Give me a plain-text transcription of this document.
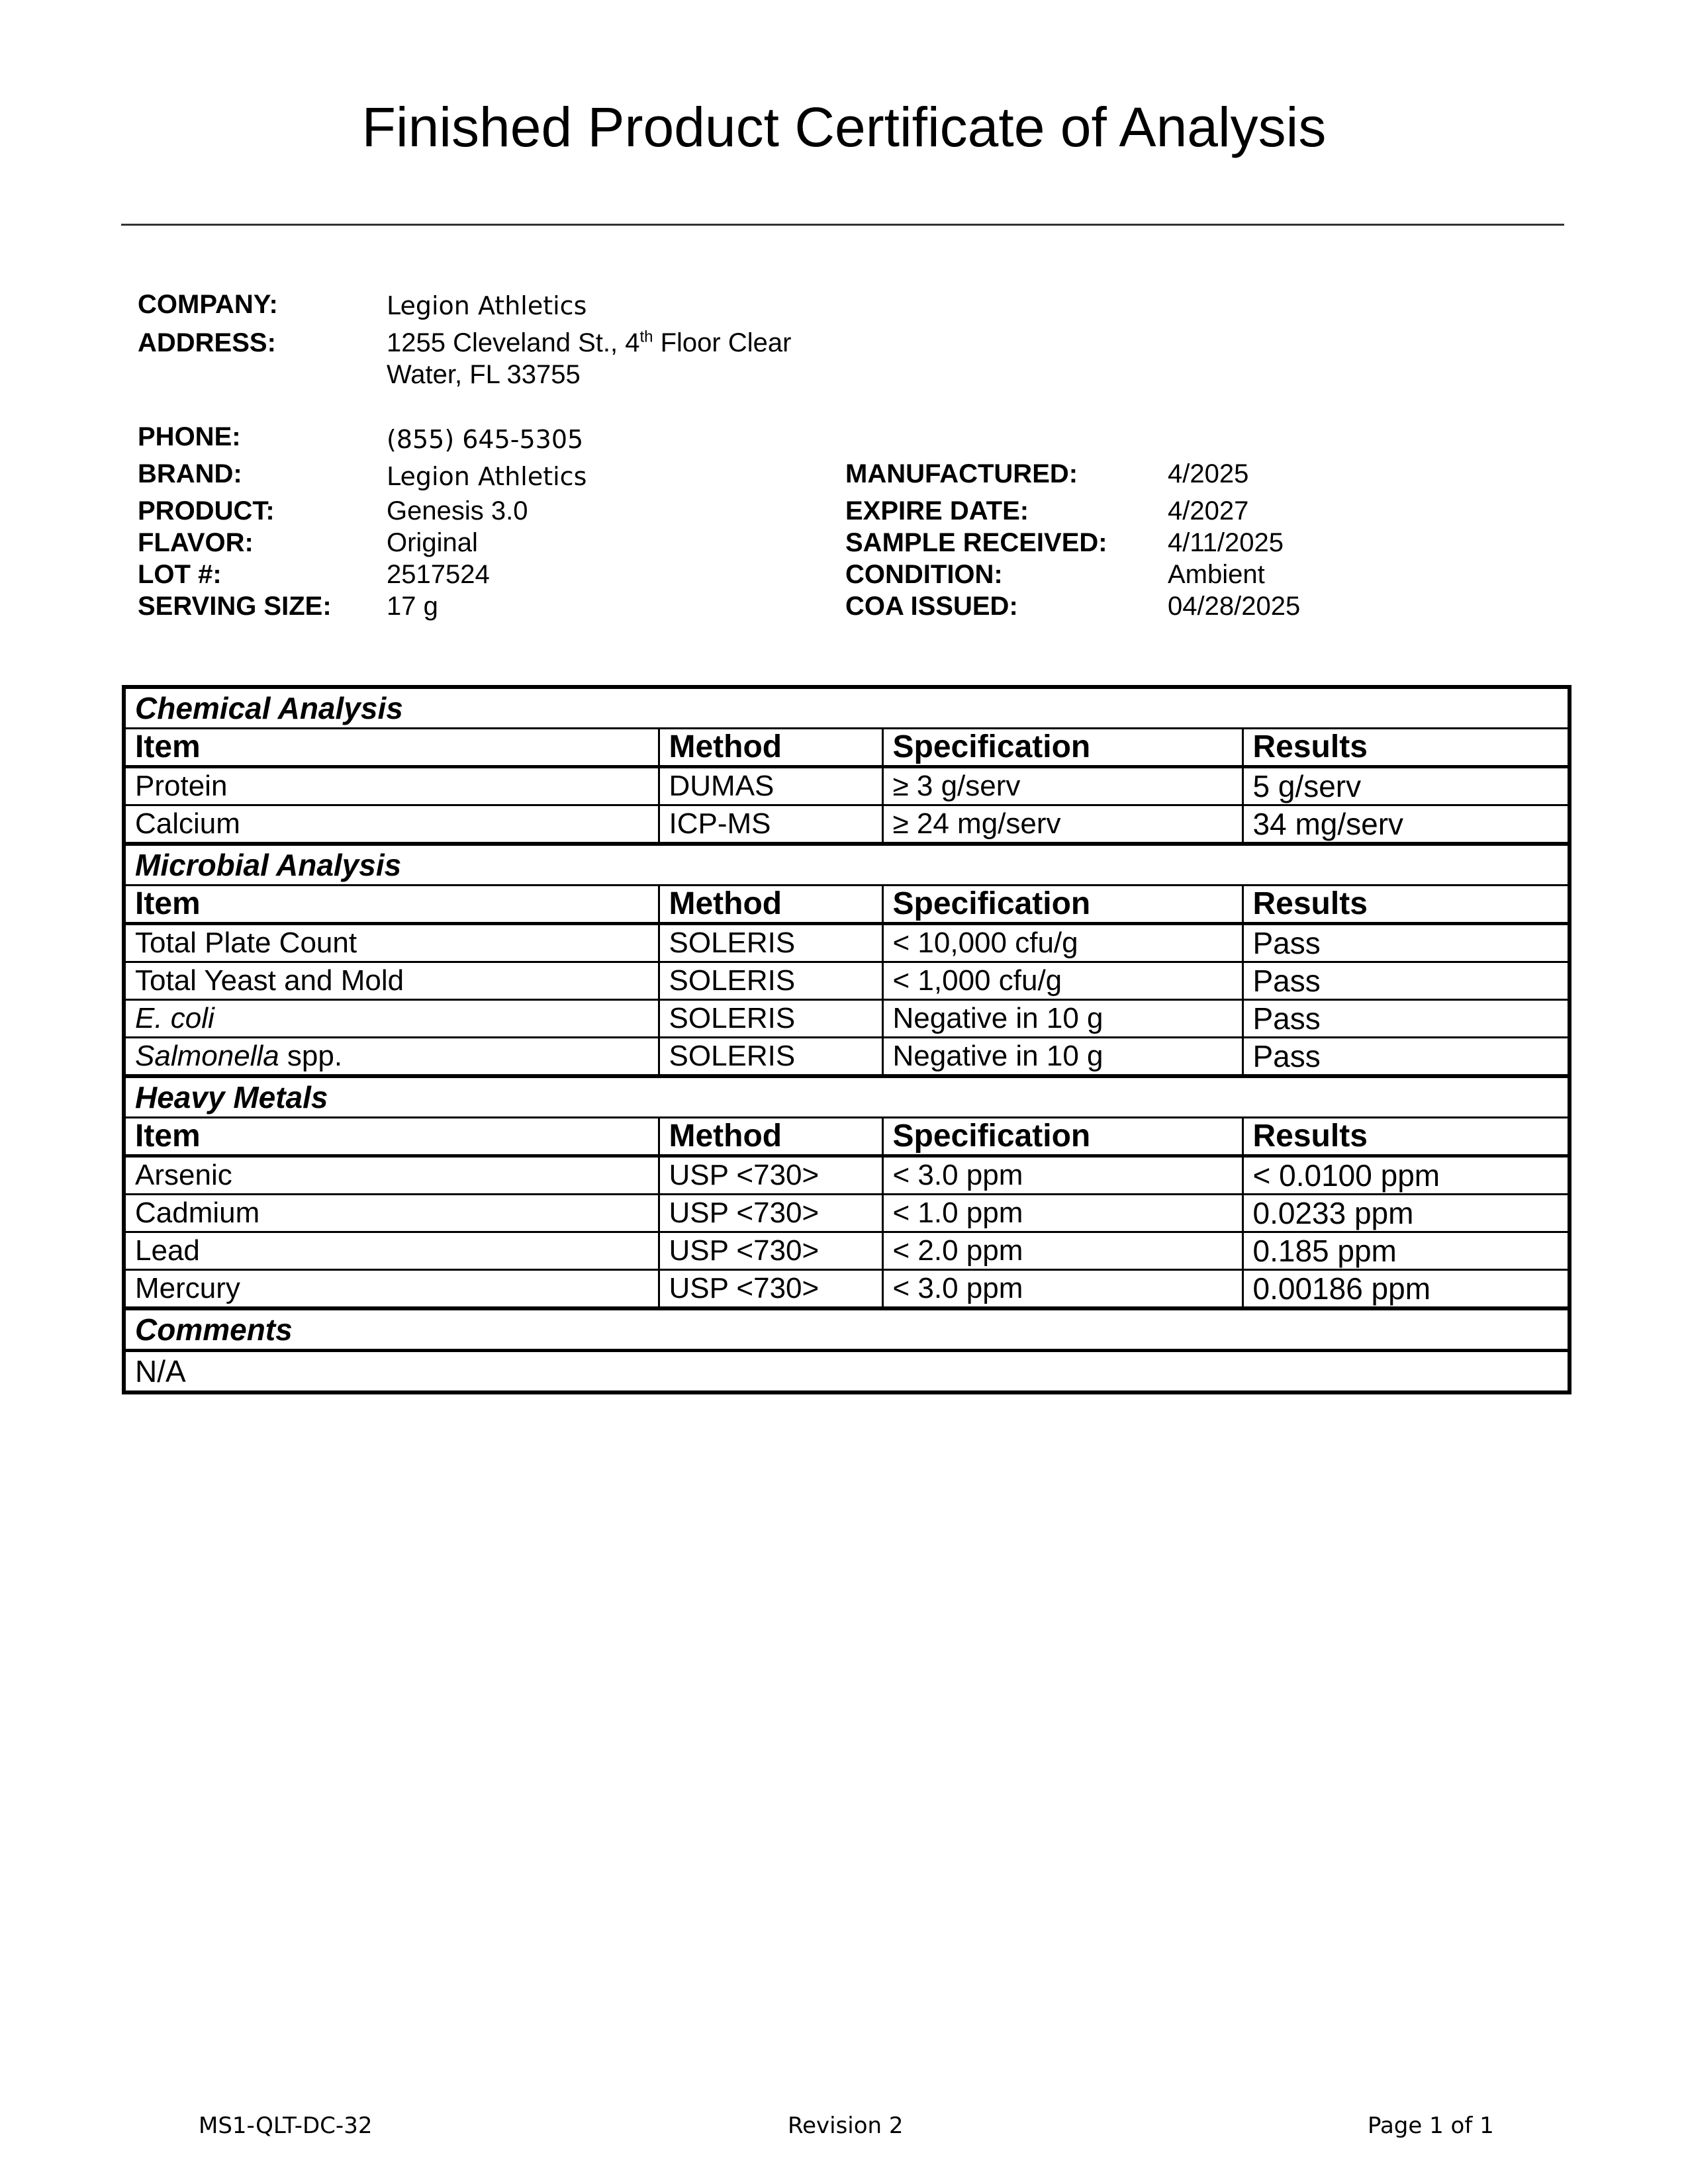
Finished Product Certificate of Analysis
COMPANY:	Legion Athletics
ADDRESS:	1255 Cleveland St., 4th Floor Clear
Water, FL 33755
PHONE:	(855) 645-5305
BRAND:	Legion Athletics
PRODUCT:	Genesis 3.0
FLAVOR:	Original
LOT #:	2517524
SERVING SIZE: 17 g
MANUFACTURED:	4/2025
EXPIRE DATE:	4/2027
SAMPLE RECEIVED: 4/11/2025
CONDITION:	Ambient
COA ISSUED:	04/28/2025
Chemical Analysis			
Item	Method	Specification	Results
Protein	DUMAS	≥ 3 g/serv	5 g/serv
Calcium	ICP-MS	≥ 24 mg/serv	34 mg/serv
Microbial Analysis			
Item	Method	Specification	Results
Total Plate Count	SOLERIS	< 10,000 cfu/g	Pass
Total Yeast and Mold	SOLERIS	< 1,000 cfu/g	Pass
E. coli	SOLERIS	Negative in 10 g	Pass
Salmonella spp.	SOLERIS	Negative in 10 g	Pass
Heavy Metals			
Item	Method	Specification	Results
Arsenic	USP <730>	< 3.0 ppm	< 0.0100 ppm
Cadmium	USP <730>	< 1.0 ppm	0.0233 ppm
Lead	USP <730>	< 2.0 ppm	0.185 ppm
Mercury	USP <730>	< 3.0 ppm	0.00186 ppm
Comments			
N/A			
MS1-QLT-DC-32	Revision 2	Page 1 of 1
